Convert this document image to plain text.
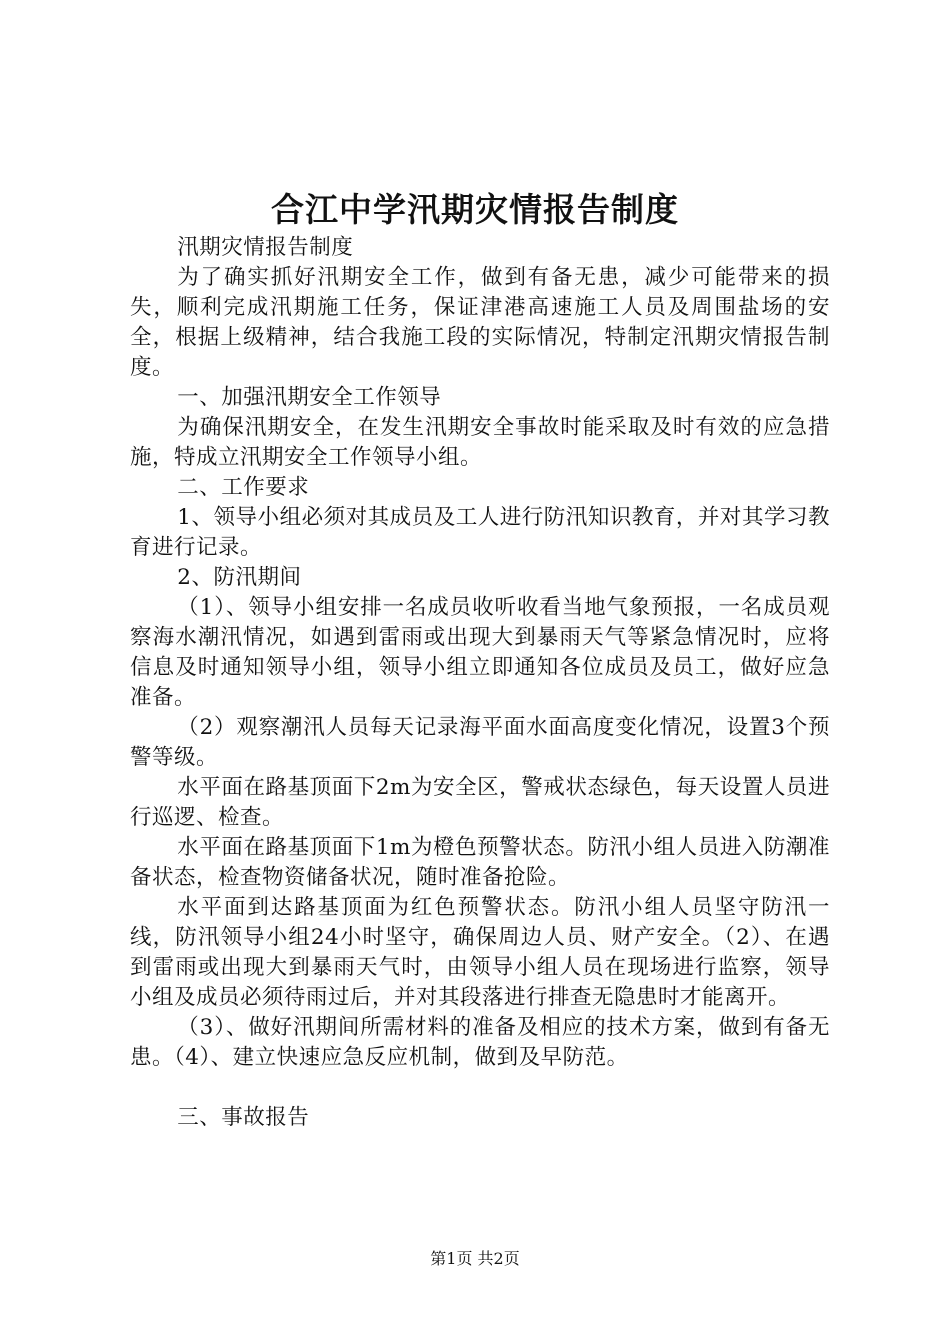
合江中学汛期灾情报告制度

汛期灾情报告制度

为了确实抓好汛期安全工作，做到有备无患，减少可能带来的损失，顺利完成汛期施工任务，保证津港高速施工人员及周围盐场的安全，根据上级精神，结合我施工段的实际情况，特制定汛期灾情报告制度。

一、加强汛期安全工作领导

为确保汛期安全，在发生汛期安全事故时能采取及时有效的应急措施，特成立汛期安全工作领导小组。

二、工作要求

1、领导小组必须对其成员及工人进行防汛知识教育，并对其学习教育进行记录。

2、防汛期间

（1）、领导小组安排一名成员收听收看当地气象预报，一名成员观察海水潮汛情况，如遇到雷雨或出现大到暴雨天气等紧急情况时，应将信息及时通知领导小组，领导小组立即通知各位成员及员工，做好应急准备。

（2）观察潮汛人员每天记录海平面水面高度变化情况，设置3个预警等级。

水平面在路基顶面下2m为安全区，警戒状态绿色，每天设置人员进行巡逻、检查。

水平面在路基顶面下1m为橙色预警状态。防汛小组人员进入防潮准备状态，检查物资储备状况，随时准备抢险。

水平面到达路基顶面为红色预警状态。防汛小组人员坚守防汛一线，防汛领导小组24小时坚守，确保周边人员、财产安全。（2）、在遇到雷雨或出现大到暴雨天气时，由领导小组人员在现场进行监察，领导小组及成员必须待雨过后，并对其段落进行排查无隐患时才能离开。

（3）、做好汛期间所需材料的准备及相应的技术方案，做到有备无患。（4）、建立快速应急反应机制，做到及早防范。

三、事故报告

第1页 共2页
